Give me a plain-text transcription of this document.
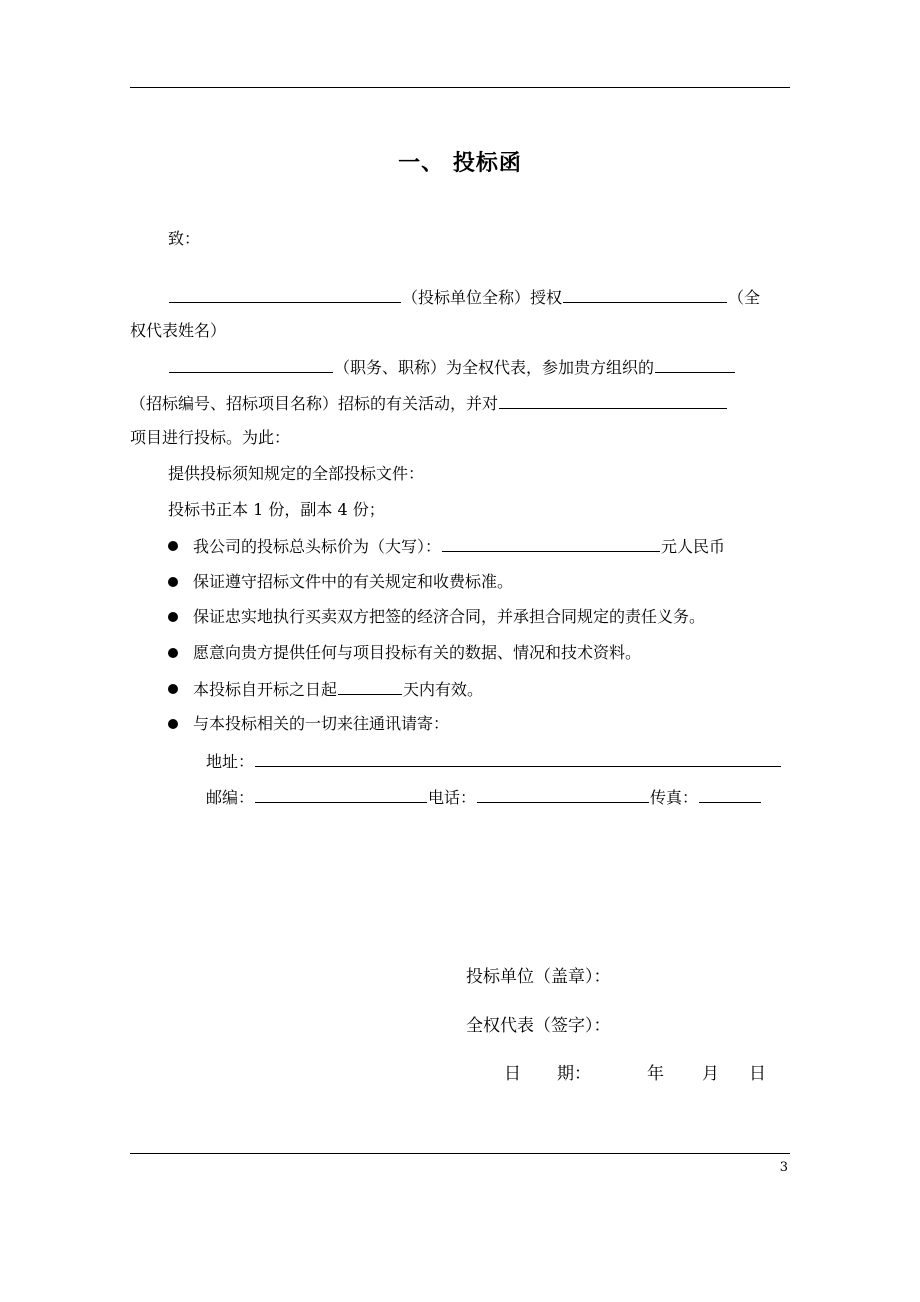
一、 投标函
致：
（投标单位全称）授权	（全
权代表姓名）
（职务、职称）为全权代表，参加贵方组织的
（招标编号、招标项目名称）招标的有关活动，并对
项目进行投标。为此：
提供投标须知规定的全部投标文件：
投标书正本 1 份，副本 4 份；
我公司的投标总头标价为（大写）：	元人民币
保证遵守招标文件中的有关规定和收费标准。
保证忠实地执行买卖双方把签的经济合同，并承担合同规定的责任义务。
愿意向贵方提供任何与项目投标有关的数据、情况和技术资料。
本投标自开标之日起	天内有效。
与本投标相关的一切来往通讯请寄：
地址：
邮编：	电话：	传真：
投标单位（盖章）：
全权代表（签字）：
日 期：	年 月 日
3
